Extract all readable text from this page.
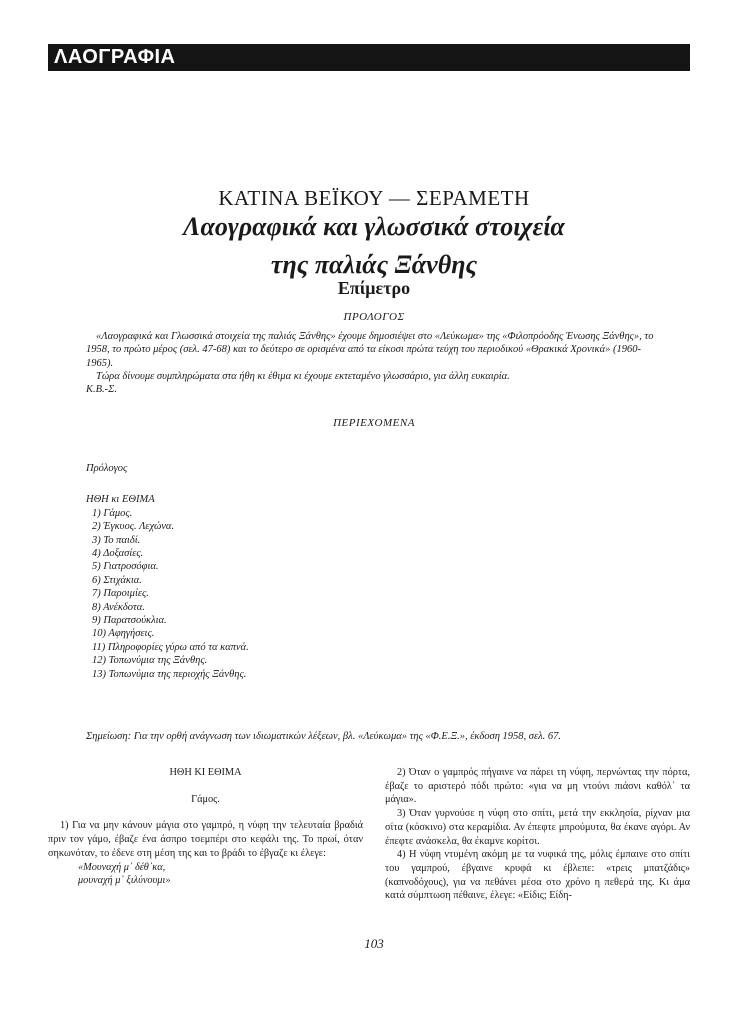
ΛΑΟΓΡΑΦΙΑ
ΚΑΤΙΝΑ ΒΕΪΚΟΥ — ΣΕΡΑΜΕΤΗ
Λαογραφικά και γλωσσικά στοιχεία
της παλιάς Ξάνθης
Επίμετρο
ΠΡΟΛΟΓΟΣ

«Λαογραφικά και Γλωσσικά στοιχεία της παλιάς Ξάνθης» έχουμε δημοσιέψει στο «Λεύκωμα» της «Φιλοπρόοδης Ένωσης Ξάνθης», το 1958, το πρώτο μέρος (σελ. 47-68) και το δεύτερο σε ορισμένα από τα είκοσι πρώτα τεύχη του περιοδικού «Θρακικά Χρονικά» (1960-1965).

Τώρα δίνουμε συμπληρώματα στα ήθη κι έθιμα κι έχουμε εκτεταμένο γλωσσάριο, για άλλη ευκαιρία.

Κ.Β.-Σ.

ΠΕΡΙΕΧΟΜΕΝΑ
Πρόλογος
ΗΘΗ κι ΕΘΙΜΑ
1) Γάμος.
2) Έγκυος. Λεχώνα.
3) Το παιδί.
4) Δοξασίες.
5) Γιατροσόφια.
6) Στιχάκια.
7) Παροιμίες.
8) Ανέκδοτα.
9) Παρατσούκλια.
10) Αφηγήσεις.
11) Πληροφορίες γύρω από τα καπνά.
12) Τοπωνύμια της Ξάνθης.
13) Τοπωνύμια της περιοχής Ξάνθης.
Σημείωση: Για την ορθή ανάγνωση των ιδιωματικών λέξεων, βλ. «Λεύκωμα» της «Φ.Ε.Ξ.», έκδοση 1958, σελ. 67.

ΗΘΗ ΚΙ ΕΘΙΜΑ

Γάμος.

1) Για να μην κάνουν μάγια στο γαμπρό, η νύφη την τελευταία βραδιά πριν τον γάμο, έβαζε ένα άσπρο τσεμπέρι στο κεφάλι της. Το πρωί, όταν σηκωνόταν, το έδενε στη μέση της και το βράδι το έβγαζε κι έλεγε:

«Μουναχή μ᾽ δέθ᾽κα,

μουναχή μ᾽ ξιλύνουμι»

2) Όταν ο γαμπρός πήγαινε να πάρει τη νύφη, περνώντας την πόρτα, έβαζε το αριστερό πόδι πρώτο: «για να μη ντούνι πιάσνι καθόλ᾽ τα μάγια».

3) Όταν γυρνούσε η νύφη στο σπίτι, μετά την εκκλησία, ρίχναν μια σίτα (κόσκινο) στα κεραμίδια. Αν έπεφτε μπρούμυτα, θα έκανε αγόρι. Αν έπεφτε ανάσκελα, θα έκαμνε κορίτσι.

4) Η νύφη ντυμένη ακόμη με τα νυφικά της, μόλις έμπαινε στο σπίτι του γαμπρού, έβγαινε κρυφά κι έβλεπε: «τρεις μπατζάδις» (καπνοδόχους), για να πεθάνει μέσα στο χρόνο η πεθερά της. Κι άμα κατά σύμπτωση πέθαινε, έλεγε: «Είδις; Είδη-

103
